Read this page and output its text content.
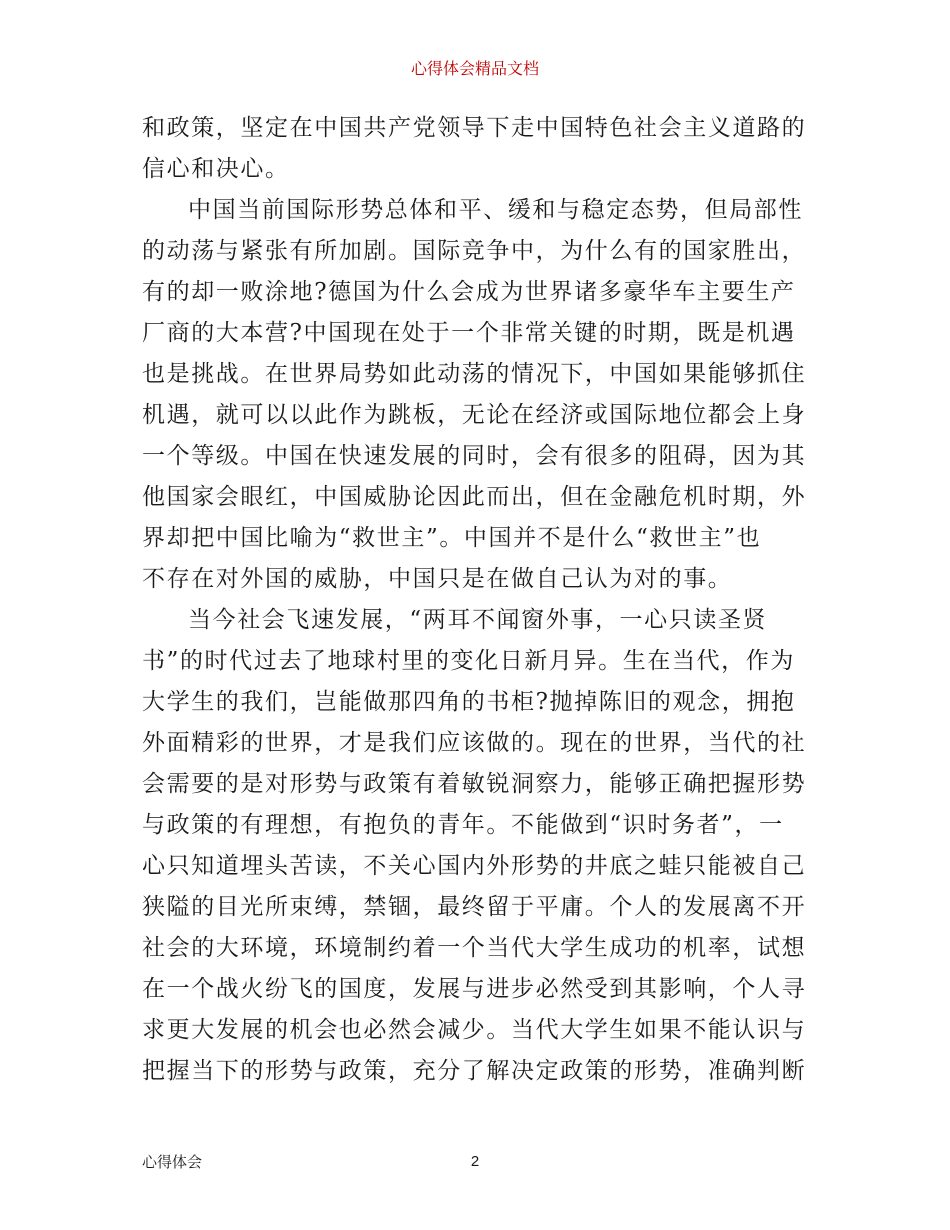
心得体会精品文档
和政策，坚定在中国共产党领导下走中国特色社会主义道路的
信心和决心。
中国当前国际形势总体和平、缓和与稳定态势，但局部性
的动荡与紧张有所加剧。国际竞争中，为什么有的国家胜出，
有的却一败涂地?德国为什么会成为世界诸多豪华车主要生产
厂商的大本营?中国现在处于一个非常关键的时期，既是机遇
也是挑战。在世界局势如此动荡的情况下，中国如果能够抓住
机遇，就可以以此作为跳板，无论在经济或国际地位都会上身
一个等级。中国在快速发展的同时，会有很多的阻碍，因为其
他国家会眼红，中国威胁论因此而出，但在金融危机时期，外
界却把中国比喻为“救世主”。中国并不是什么“救世主”也
不存在对外国的威胁，中国只是在做自己认为对的事。
当今社会飞速发展，“两耳不闻窗外事，一心只读圣贤
书”的时代过去了地球村里的变化日新月异。生在当代，作为
大学生的我们，岂能做那四角的书柜?抛掉陈旧的观念，拥抱
外面精彩的世界，才是我们应该做的。现在的世界，当代的社
会需要的是对形势与政策有着敏锐洞察力，能够正确把握形势
与政策的有理想，有抱负的青年。不能做到“识时务者”，一
心只知道埋头苦读，不关心国内外形势的井底之蛙只能被自己
狭隘的目光所束缚，禁锢，最终留于平庸。个人的发展离不开
社会的大环境，环境制约着一个当代大学生成功的机率，试想
在一个战火纷飞的国度，发展与进步必然受到其影响，个人寻
求更大发展的机会也必然会减少。当代大学生如果不能认识与
把握当下的形势与政策，充分了解决定政策的形势，准确判断
心得体会	2
